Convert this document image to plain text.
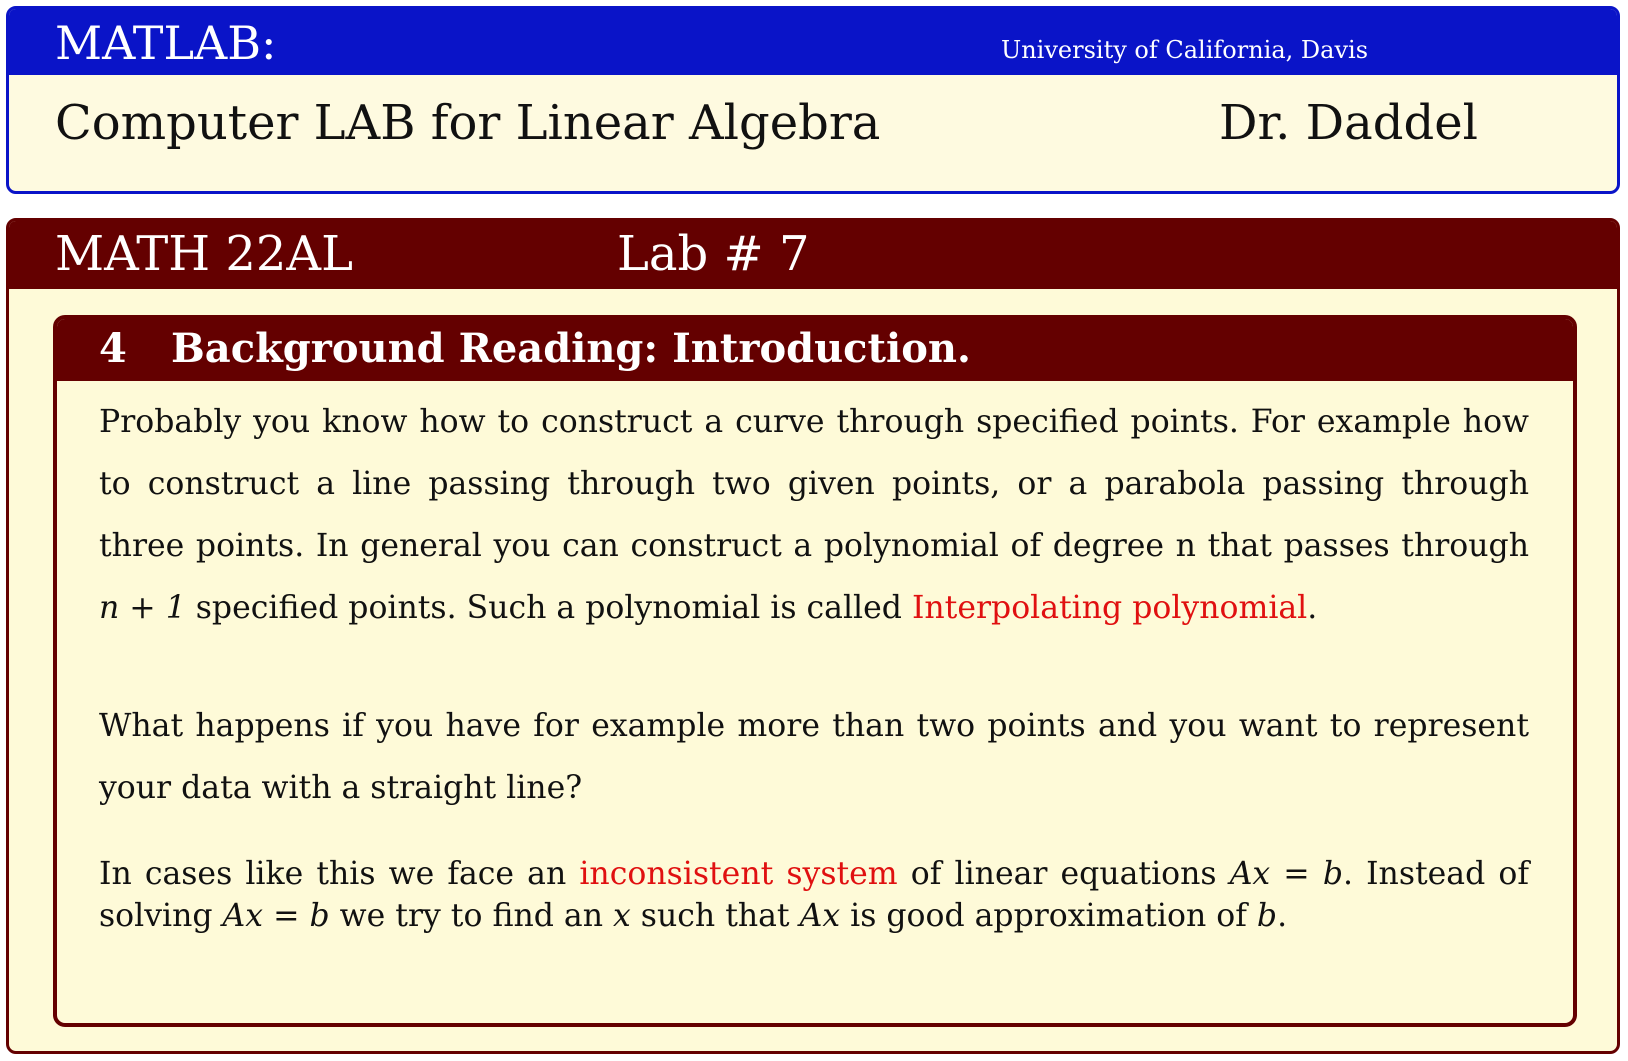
MATLAB:	University of California, Davis
Computer LAB for Linear Algebra	Dr. Daddel
MATH 22AL	Lab # 7
4 Background Reading: Introduction.

Probably you know how to construct a curve through specified points. For example how to construct a line passing through two given points, or a parabola passing through three points. In general you can construct a polynomial of degree n that passes through n + 1 specified points. Such a polynomial is called Interpolating polynomial.

What happens if you have for example more than two points and you want to represent your data with a straight line?

In cases like this we face an inconsistent system of linear equations Ax = b. Instead of solving Ax = b we try to find an x such that Ax is good approximation of b.
